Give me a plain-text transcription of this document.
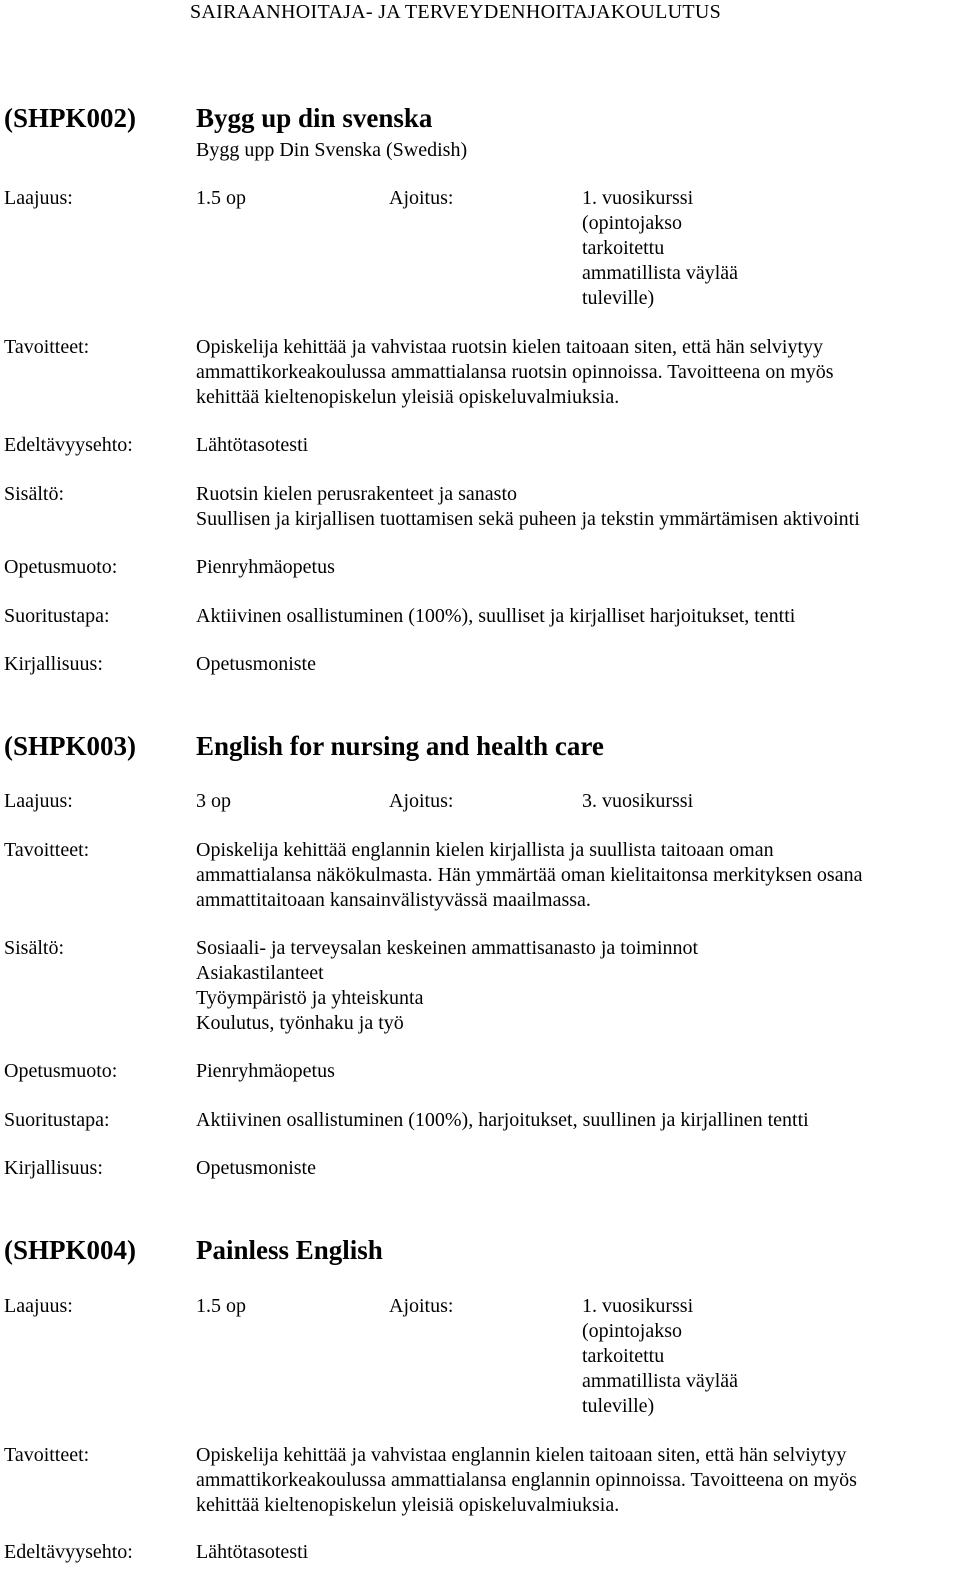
SAIRAANHOITAJA- JA TERVEYDENHOITAJAKOULUTUS
(SHPK002) Bygg up din svenska
Bygg upp Din Svenska (Swedish)
Laajuus:	1.5 op	Ajoitus:	1. vuosikurssi
(opintojakso
tarkoitettu
ammatillista väylää
tuleville)
Tavoitteet:	Opiskelija kehittää ja vahvistaa ruotsin kielen taitoaan siten, että hän selviytyy
ammattikorkeakoulussa ammattialansa ruotsin opinnoissa. Tavoitteena on myös
kehittää kieltenopiskelun yleisiä opiskeluvalmiuksia.
Edeltävyysehto:	Lähtötasotesti
Sisältö:	Ruotsin kielen perusrakenteet ja sanasto
Suullisen ja kirjallisen tuottamisen sekä puheen ja tekstin ymmärtämisen aktivointi
Opetusmuoto:	Pienryhmäopetus
Suoritustapa:	Aktiivinen osallistuminen (100%), suulliset ja kirjalliset harjoitukset, tentti
Kirjallisuus:	Opetusmoniste
(SHPK003) English for nursing and health care
Laajuus:	3 op	Ajoitus:	3. vuosikurssi
Tavoitteet:	Opiskelija kehittää englannin kielen kirjallista ja suullista taitoaan oman
ammattialansa näkökulmasta. Hän ymmärtää oman kielitaitonsa merkityksen osana
ammattitaitoaan kansainvälistyvässä maailmassa.
Sisältö:	Sosiaali- ja terveysalan keskeinen ammattisanasto ja toiminnot
Asiakastilanteet
Työympäristö ja yhteiskunta
Koulutus, työnhaku ja työ
Opetusmuoto:	Pienryhmäopetus
Suoritustapa:	Aktiivinen osallistuminen (100%), harjoitukset, suullinen ja kirjallinen tentti
Kirjallisuus:	Opetusmoniste
(SHPK004) Painless English
Laajuus:	1.5 op	Ajoitus:	1. vuosikurssi
(opintojakso
tarkoitettu
ammatillista väylää
tuleville)
Tavoitteet:	Opiskelija kehittää ja vahvistaa englannin kielen taitoaan siten, että hän selviytyy
ammattikorkeakoulussa ammattialansa englannin opinnoissa. Tavoitteena on myös
kehittää kieltenopiskelun yleisiä opiskeluvalmiuksia.
Edeltävyysehto:	Lähtötasotesti
